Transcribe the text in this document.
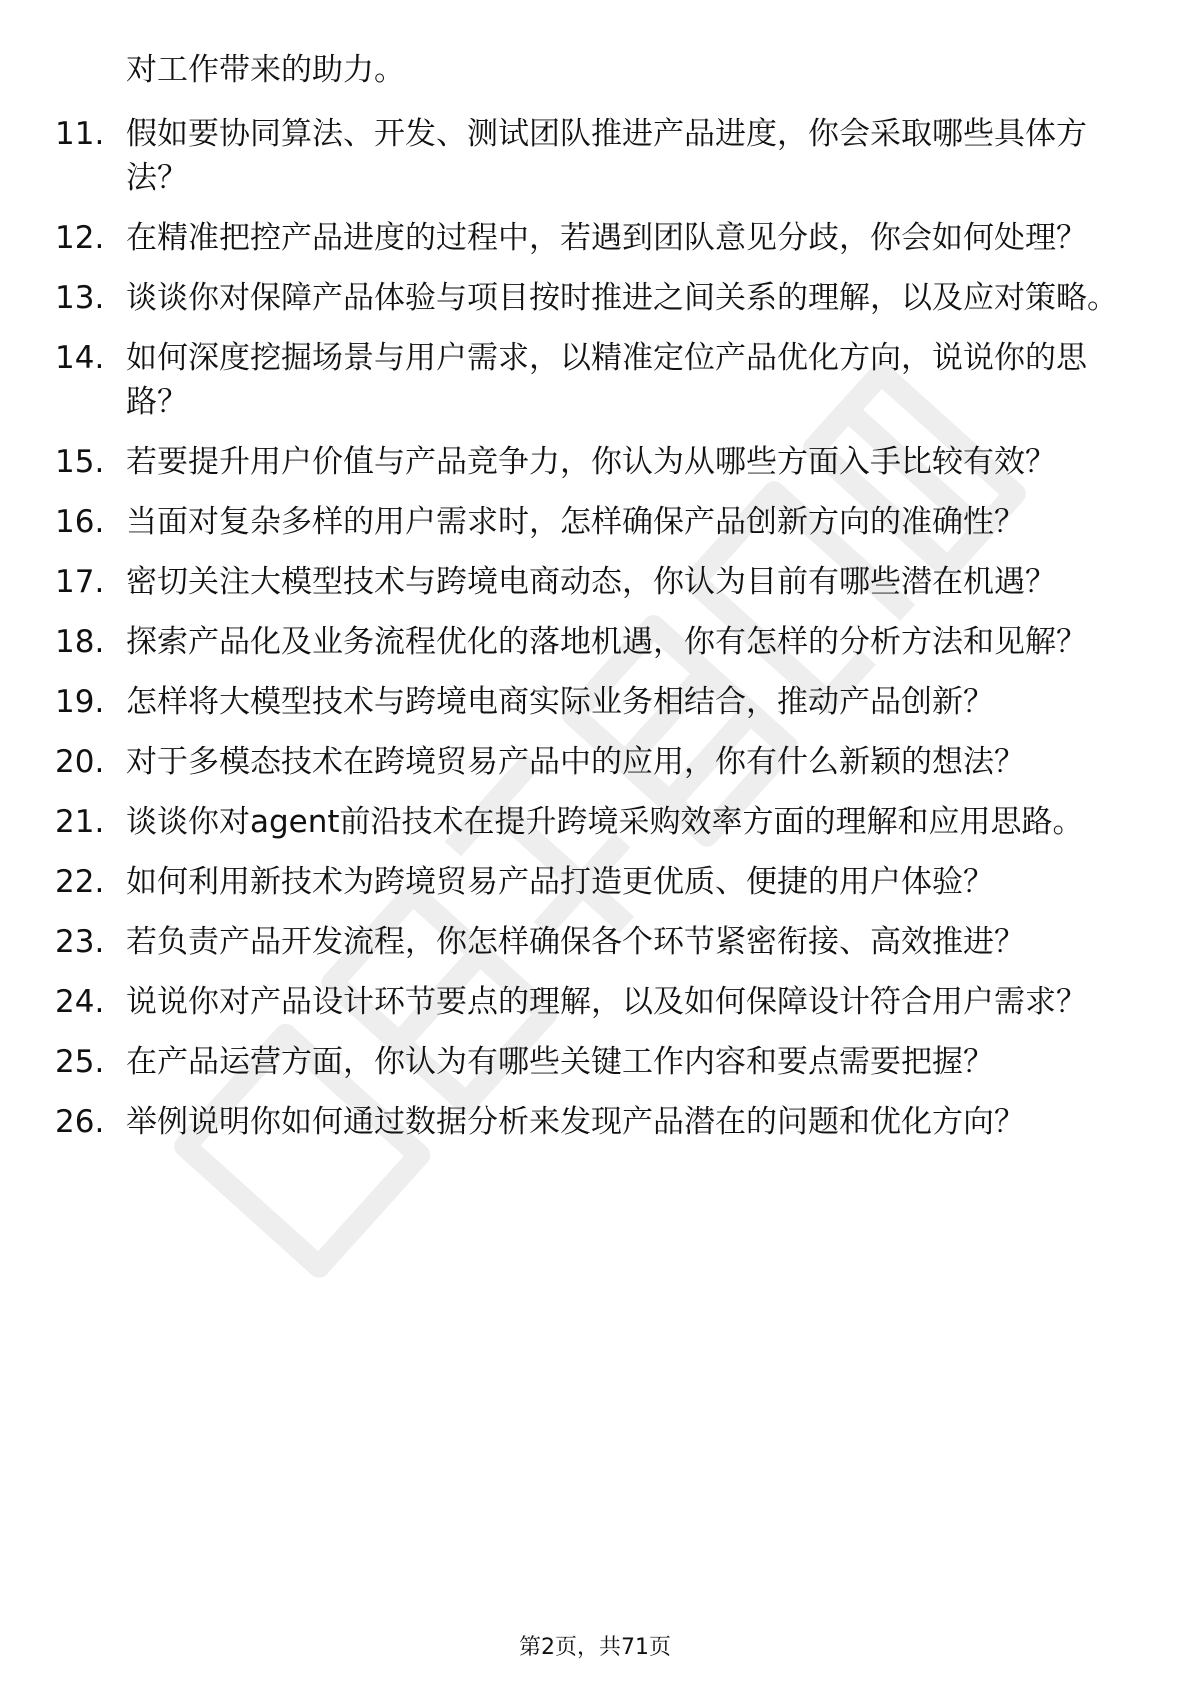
对工作带来的助力。

11. 假如要协同算法、开发、测试团队推进产品进度，你会采取哪些具体方法？
12. 在精准把控产品进度的过程中，若遇到团队意见分歧，你会如何处理？
13. 谈谈你对保障产品体验与项目按时推进之间关系的理解，以及应对策略。
14. 如何深度挖掘场景与用户需求，以精准定位产品优化方向，说说你的思路？
15. 若要提升用户价值与产品竞争力，你认为从哪些方面入手比较有效？
16. 当面对复杂多样的用户需求时，怎样确保产品创新方向的准确性？
17. 密切关注大模型技术与跨境电商动态，你认为目前有哪些潜在机遇？
18. 探索产品化及业务流程优化的落地机遇，你有怎样的分析方法和见解？
19. 怎样将大模型技术与跨境电商实际业务相结合，推动产品创新？
20. 对于多模态技术在跨境贸易产品中的应用，你有什么新颖的想法？
21. 谈谈你对agent前沿技术在提升跨境采购效率方面的理解和应用思路。
22. 如何利用新技术为跨境贸易产品打造更优质、便捷的用户体验？
23. 若负责产品开发流程，你怎样确保各个环节紧密衔接、高效推进？
24. 说说你对产品设计环节要点的理解，以及如何保障设计符合用户需求？
25. 在产品运营方面，你认为有哪些关键工作内容和要点需要把握？
26. 举例说明你如何通过数据分析来发现产品潜在的问题和优化方向？
第2页，共71页
